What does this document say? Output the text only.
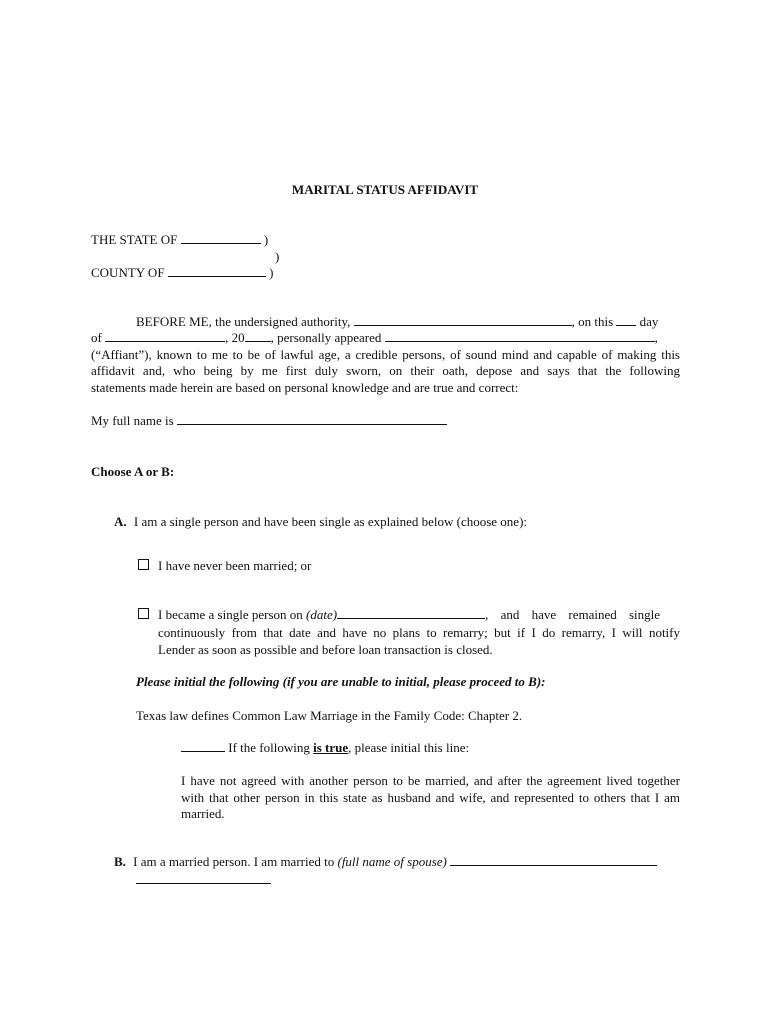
MARITAL STATUS AFFIDAVIT
THE STATE OF	)
)
COUNTY OF	)
BEFORE ME, the undersigned authority,	, on this day
of	, 20 , personally appeared	,
(“Affiant”), known to me to be of lawful age, a credible persons, of sound mind and capable of making this
affidavit and, who being by me first duly sworn, on their oath, depose and says that the following
statements made herein are based on personal knowledge and are true and correct:
My full name is
Choose A or B:
A. I am a single person and have been single as explained below (choose one):
I have never been married; or
I became a single person on (date)	, and have remained single
continuously from that date and have no plans to remarry; but if I do remarry, I will notify
Lender as soon as possible and before loan transaction is closed.
Please initial the following (if you are unable to initial, please proceed to B):
Texas law defines Common Law Marriage in the Family Code: Chapter 2.
If the following is true, please initial this line:
I have not agreed with another person to be married, and after the agreement lived together
with that other person in this state as husband and wife, and represented to others that I am
married.
B. I am a married person. I am married to (full name of spouse)
